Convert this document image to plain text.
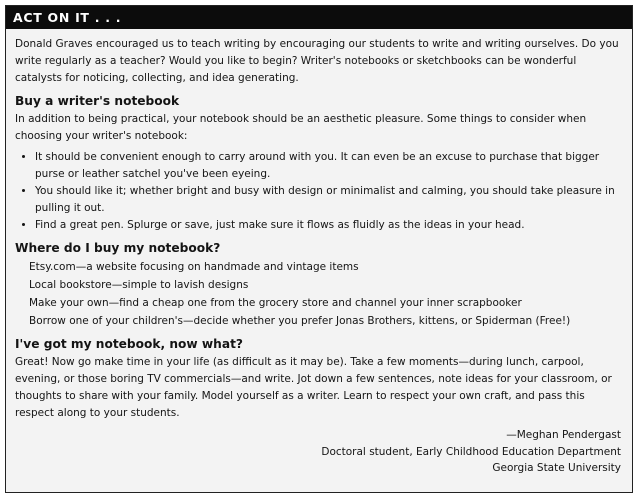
ACT ON IT . . .

Donald Graves encouraged us to teach writing by encouraging our students to write and writing ourselves. Do you write regularly as a teacher? Would you like to begin? Writer's notebooks or sketchbooks can be wonderful catalysts for noticing, collecting, and idea generating.

Buy a writer's notebook

In addition to being practical, your notebook should be an aesthetic pleasure. Some things to consider when choosing your writer's notebook:

• It should be convenient enough to carry around with you. It can even be an excuse to purchase that bigger purse or leather satchel you've been eyeing.
• You should like it; whether bright and busy with design or minimalist and calming, you should take pleasure in pulling it out.
• Find a great pen. Splurge or save, just make sure it flows as fluidly as the ideas in your head.
Where do I buy my notebook?
Etsy.com—a website focusing on handmade and vintage items
Local bookstore—simple to lavish designs
Make your own—find a cheap one from the grocery store and channel your inner scrapbooker
Borrow one of your children's—decide whether you prefer Jonas Brothers, kittens, or Spiderman (Free!)
I've got my notebook, now what?

Great! Now go make time in your life (as difficult as it may be). Take a few moments—during lunch, carpool, evening, or those boring TV commercials—and write. Jot down a few sentences, note ideas for your classroom, or thoughts to share with your family. Model yourself as a writer. Learn to respect your own craft, and pass this respect along to your students.

—Meghan Pendergast
Doctoral student, Early Childhood Education Department
Georgia State University
